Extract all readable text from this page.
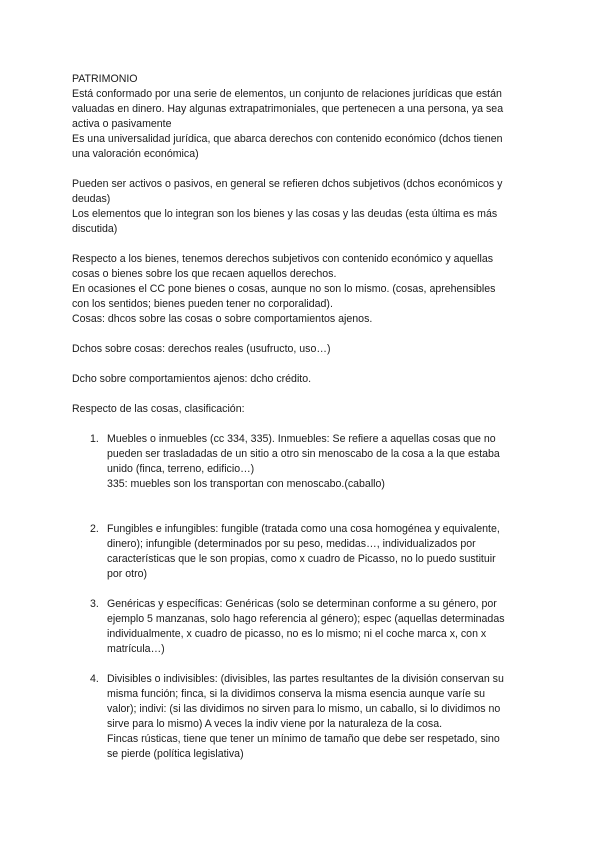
PATRIMONIO
Está conformado por una serie de elementos, un conjunto de relaciones jurídicas que están
valuadas en dinero. Hay algunas extrapatrimoniales, que pertenecen a una persona, ya sea
activa o pasivamente
Es una universalidad jurídica, que abarca derechos con contenido económico (dchos tienen
una valoración económica)
Pueden ser activos o pasivos, en general se refieren dchos subjetivos (dchos económicos y
deudas)
Los elementos que lo integran son los bienes y las cosas y las deudas (esta última es más
discutida)
Respecto a los bienes, tenemos derechos subjetivos con contenido económico y aquellas
cosas o bienes sobre los que recaen aquellos derechos.
En ocasiones el CC pone bienes o cosas, aunque no son lo mismo. (cosas, aprehensibles
con los sentidos; bienes pueden tener no corporalidad).
Cosas: dhcos sobre las cosas o sobre comportamientos ajenos.
Dchos sobre cosas: derechos reales (usufructo, uso…)
Dcho sobre comportamientos ajenos: dcho crédito.
Respecto de las cosas, clasificación:
1. Muebles o inmuebles (cc 334, 335). Inmuebles: Se refiere a aquellas cosas que no
pueden ser trasladadas de un sitio a otro sin menoscabo de la cosa a la que estaba
unido (finca, terreno, edificio…)
335: muebles son los transportan con menoscabo.(caballo)
2. Fungibles e infungibles: fungible (tratada como una cosa homogénea y equivalente,
dinero); infungible (determinados por su peso, medidas…, individualizados por
características que le son propias, como x cuadro de Picasso, no lo puedo sustituir
por otro)
3. Genéricas y específicas: Genéricas (solo se determinan conforme a su género, por
ejemplo 5 manzanas, solo hago referencia al género); espec (aquellas determinadas
individualmente, x cuadro de picasso, no es lo mismo; ni el coche marca x, con x
matrícula…)
4. Divisibles o indivisibles: (divisibles, las partes resultantes de la división conservan su
misma función; finca, si la dividimos conserva la misma esencia aunque varíe su
valor); indivi: (si las dividimos no sirven para lo mismo, un caballo, si lo dividimos no
sirve para lo mismo) A veces la indiv viene por la naturaleza de la cosa.
Fincas rústicas, tiene que tener un mínimo de tamaño que debe ser respetado, sino
se pierde (política legislativa)
